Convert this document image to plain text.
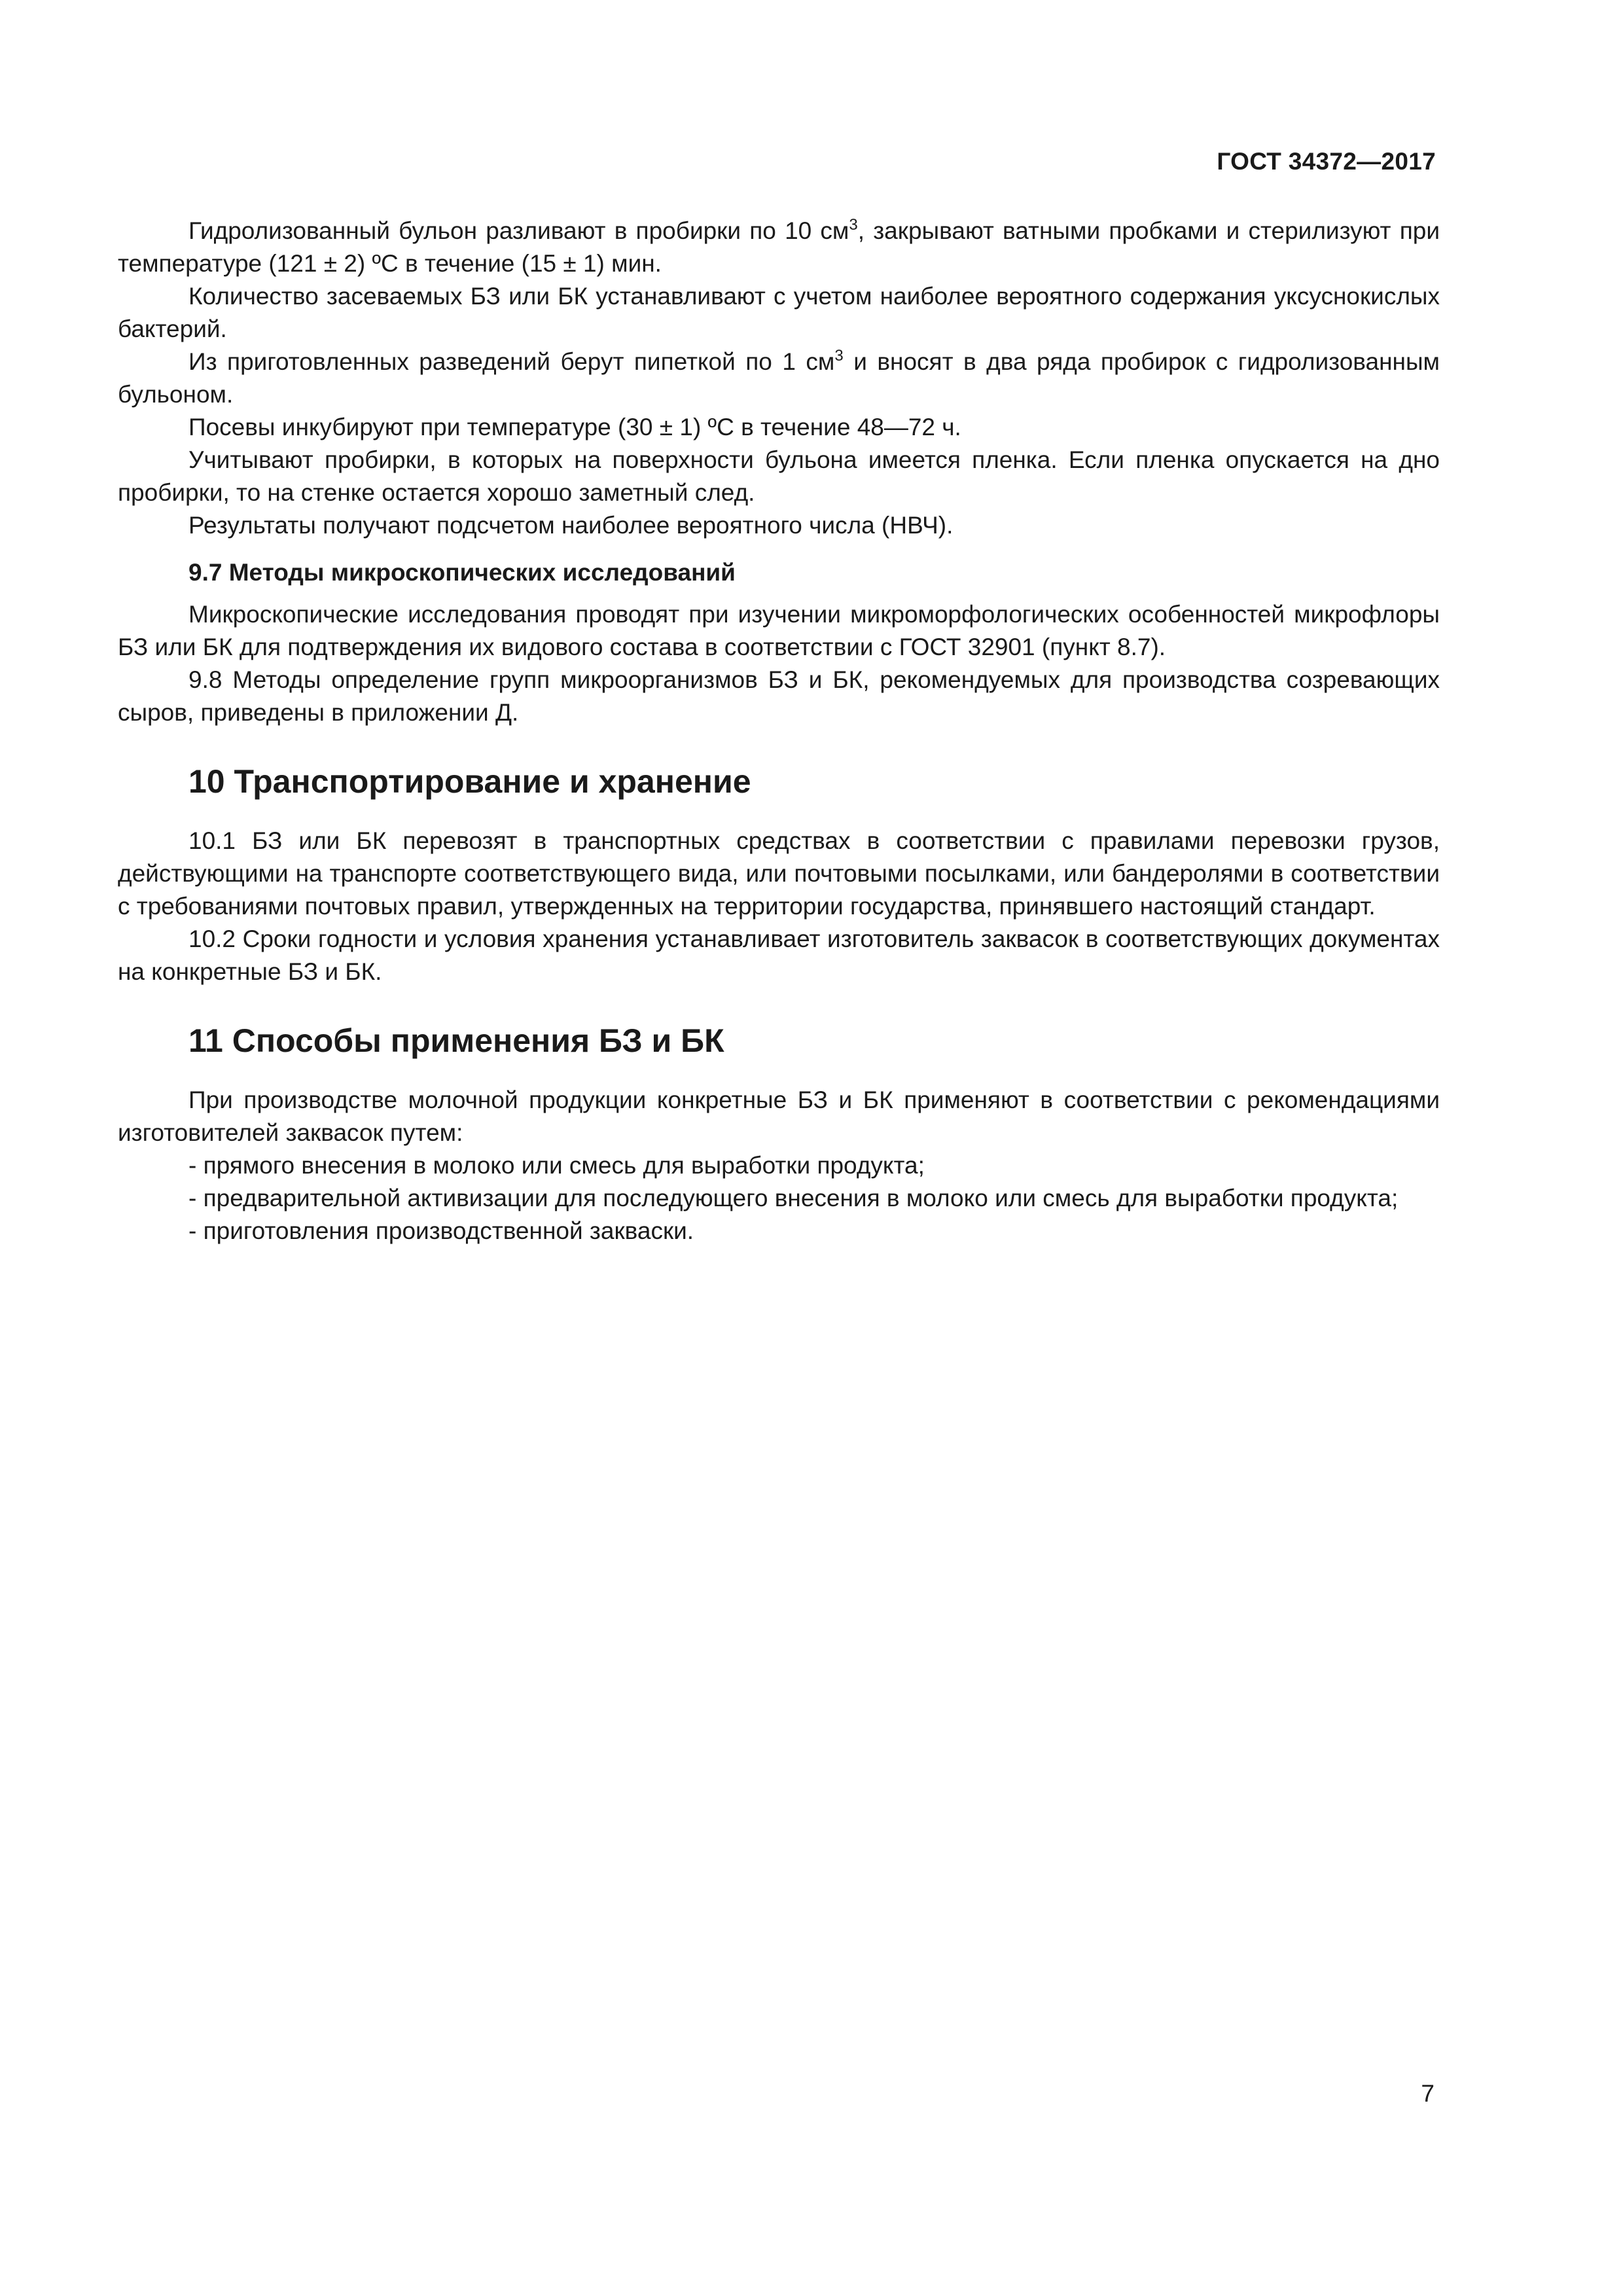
ГОСТ 34372—2017

Гидролизованный бульон разливают в пробирки по 10 $см^3$, закрывают ватными пробками и стерилизуют при температуре (121 ± 2) ºС в течение (15 ± 1) мин.

Количество засеваемых БЗ или БК устанавливают с учетом наиболее вероятного содержания уксуснокислых бактерий.

Из приготовленных разведений берут пипеткой по 1 $см^3$ и вносят в два ряда пробирок с гидролизованным бульоном.

Посевы инкубируют при температуре (30 ± 1) ºС в течение 48—72 ч.

Учитывают пробирки, в которых на поверхности бульона имеется пленка. Если пленка опускается на дно пробирки, то на стенке остается хорошо заметный след.

Результаты получают подсчетом наиболее вероятного числа (НВЧ).

9.7 Методы микроскопических исследований

Микроскопические исследования проводят при изучении микроморфологических особенностей микрофлоры БЗ или БК для подтверждения их видового состава в соответствии с ГОСТ 32901 (пункт 8.7).

9.8 Методы определение групп микроорганизмов БЗ и БК, рекомендуемых для производства созревающих сыров, приведены в приложении Д.

10 Транспортирование и хранение

10.1 БЗ или БК перевозят в транспортных средствах в соответствии с правилами перевозки грузов, действующими на транспорте соответствующего вида, или почтовыми посылками, или бандеролями в соответствии с требованиями почтовых правил, утвержденных на территории государства, принявшего настоящий стандарт.

10.2 Сроки годности и условия хранения устанавливает изготовитель заквасок в соответствующих документах на конкретные БЗ и БК.

11 Способы применения БЗ и БК

При производстве молочной продукции конкретные БЗ и БК применяют в соответствии с рекомендациями изготовителей заквасок путем:

- прямого внесения в молоко или смесь для выработки продукта;

- предварительной активизации для последующего внесения в молоко или смесь для выработки продукта;

- приготовления производственной закваски.

7
